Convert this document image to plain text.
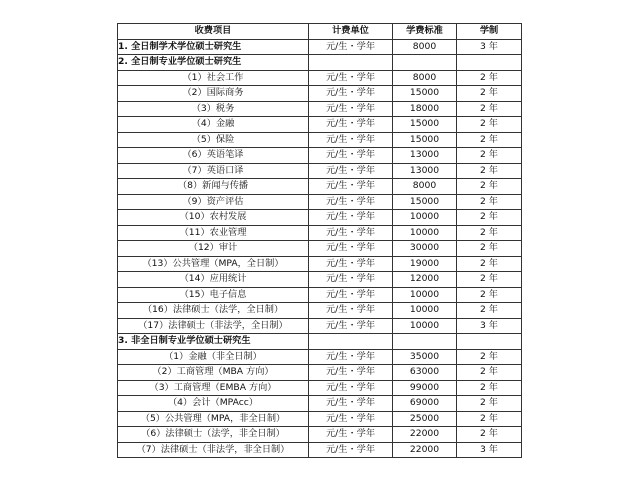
收费项目	计费单位	学费标准	学制
1. 全日制学术学位硕士研究生	元/生・学年	8000	3 年
2. 全日制专业学位硕士研究生			
（1）社会工作	元/生・学年	8000	2 年
（2）国际商务	元/生・学年	15000	2 年
（3）税务	元/生・学年	18000	2 年
（4）金融	元/生・学年	15000	2 年
（5）保险	元/生・学年	15000	2 年
（6）英语笔译	元/生・学年	13000	2 年
（7）英语口译	元/生・学年	13000	2 年
（8）新闻与传播	元/生・学年	8000	2 年
（9）资产评估	元/生・学年	15000	2 年
（10）农村发展	元/生・学年	10000	2 年
（11）农业管理	元/生・学年	10000	2 年
（12）审计	元/生・学年	30000	2 年
（13）公共管理（MPA，全日制）	元/生・学年	19000	2 年
（14）应用统计	元/生・学年	12000	2 年
（15）电子信息	元/生・学年	10000	2 年
（16）法律硕士（法学，全日制）	元/生・学年	10000	2 年
（17）法律硕士（非法学，全日制）	元/生・学年	10000	3 年
3. 非全日制专业学位硕士研究生			
（1）金融（非全日制）	元/生・学年	35000	2 年
（2）工商管理（MBA 方向）	元/生・学年	63000	2 年
（3）工商管理（EMBA 方向）	元/生・学年	99000	2 年
（4）会计（MPAcc）	元/生・学年	69000	2 年
（5）公共管理（MPA，非全日制）	元/生・学年	25000	2 年
（6）法律硕士（法学，非全日制）	元/生・学年	22000	2 年
（7）法律硕士（非法学，非全日制）	元/生・学年	22000	3 年
